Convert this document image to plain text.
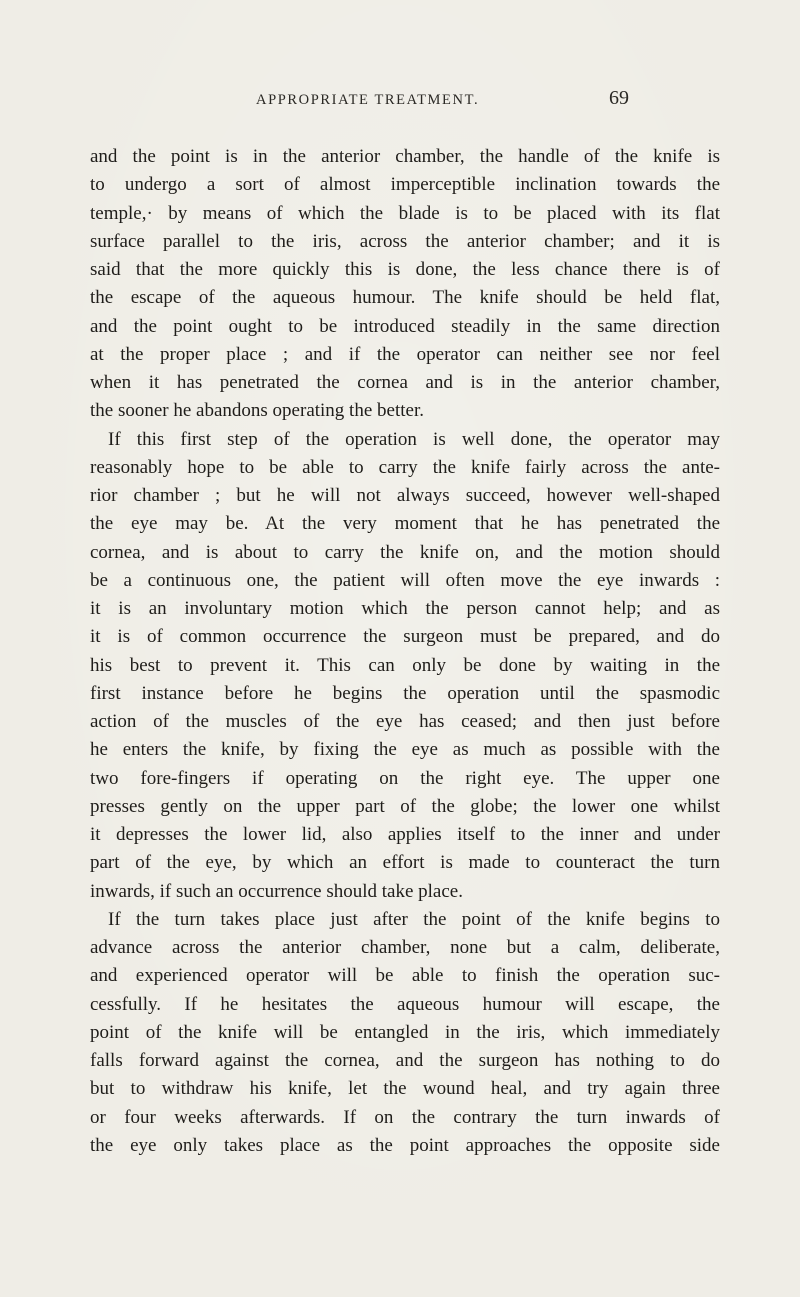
APPROPRIATE TREATMENT.	69
and the point is in the anterior chamber, the handle of the knife is
to undergo a sort of almost imperceptible inclination towards the
temple,· by means of which the blade is to be placed with its flat
surface parallel to the iris, across the anterior chamber; and it is
said that the more quickly this is done, the less chance there is of
the escape of the aqueous humour. The knife should be held flat,
and the point ought to be introduced steadily in the same direction
at the proper place ; and if the operator can neither see nor feel
when it has penetrated the cornea and is in the anterior chamber,
the sooner he abandons operating the better.
If this first step of the operation is well done, the operator may
reasonably hope to be able to carry the knife fairly across the ante-
rior chamber ; but he will not always succeed, however well-shaped
the eye may be. At the very moment that he has penetrated the
cornea, and is about to carry the knife on, and the motion should
be a continuous one, the patient will often move the eye inwards :
it is an involuntary motion which the person cannot help; and as
it is of common occurrence the surgeon must be prepared, and do
his best to prevent it. This can only be done by waiting in the
first instance before he begins the operation until the spasmodic
action of the muscles of the eye has ceased; and then just before
he enters the knife, by fixing the eye as much as possible with the
two fore-fingers if operating on the right eye. The upper one
presses gently on the upper part of the globe; the lower one whilst
it depresses the lower lid, also applies itself to the inner and under
part of the eye, by which an effort is made to counteract the turn
inwards, if such an occurrence should take place.
If the turn takes place just after the point of the knife begins to
advance across the anterior chamber, none but a calm, deliberate,
and experienced operator will be able to finish the operation suc-
cessfully. If he hesitates the aqueous humour will escape, the
point of the knife will be entangled in the iris, which immediately
falls forward against the cornea, and the surgeon has nothing to do
but to withdraw his knife, let the wound heal, and try again three
or four weeks afterwards. If on the contrary the turn inwards of
the eye only takes place as the point approaches the opposite side
